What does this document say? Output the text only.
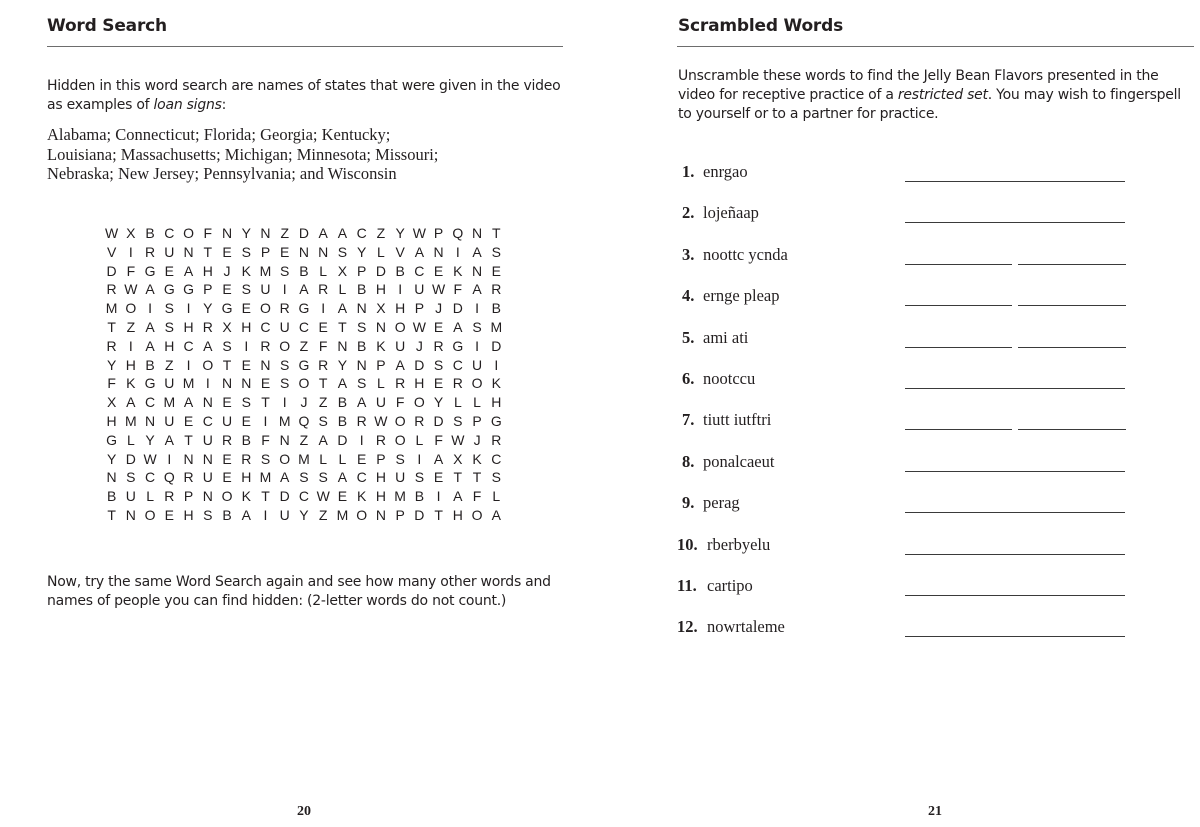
Word Search

Hidden in this word search are names of states that were given in the video as examples of loan signs:

Alabama; Connecticut; Florida; Georgia; Kentucky;
Louisiana; Massachusetts; Michigan; Minnesota; Missouri;
Nebraska; New Jersey; Pennsylvania; and Wisconsin
W X B C O F N Y N Z D A A C Z Y W P Q N T
V I R U N T E S P E N N S Y L V A N I A S
D F G E A H J K M S B L X P D B C E K N E
R W A G G P E S U I A R L B H I U W F A R
M O I S I Y G E O R G I A N X H P J D I B
T Z A S H R X H C U C E T S N O W E A S M
R I A H C A S I R O Z F N B K U J R G I D
Y H B Z I O T E N S G R Y N P A D S C U I
F K G U M I N N E S O T A S L R H E R O K
X A C M A N E S T I J Z B A U F O Y L L H
H M N U E C U E I M Q S B R W O R D S P G
G L Y A T U R B F N Z A D I R O L F W J R
Y D W I N N E R S O M L L E P S I A X K C
N S C Q R U E H M A S S A C H U S E T T S
B U L R P N O K T D C W E K H M B I A F L
T N O E H S B A I U Y Z M O N P D T H O A

Now, try the same Word Search again and see how many other words and names of people you can find hidden: (2-letter words do not count.)

20
Scrambled Words

Unscramble these words to find the Jelly Bean Flavors presented in the video for receptive practice of a restricted set. You may wish to fingerspell to yourself or to a partner for practice.

21
1. enrgao
2. lojeñaap
3. noottc ycnda
4. ernge pleap
5. ami ati
6. nootccu
7. tiutt iutftri
8. ponalcaeut
9. perag
10. rberbyelu
11. cartipo
12. nowrtaleme
